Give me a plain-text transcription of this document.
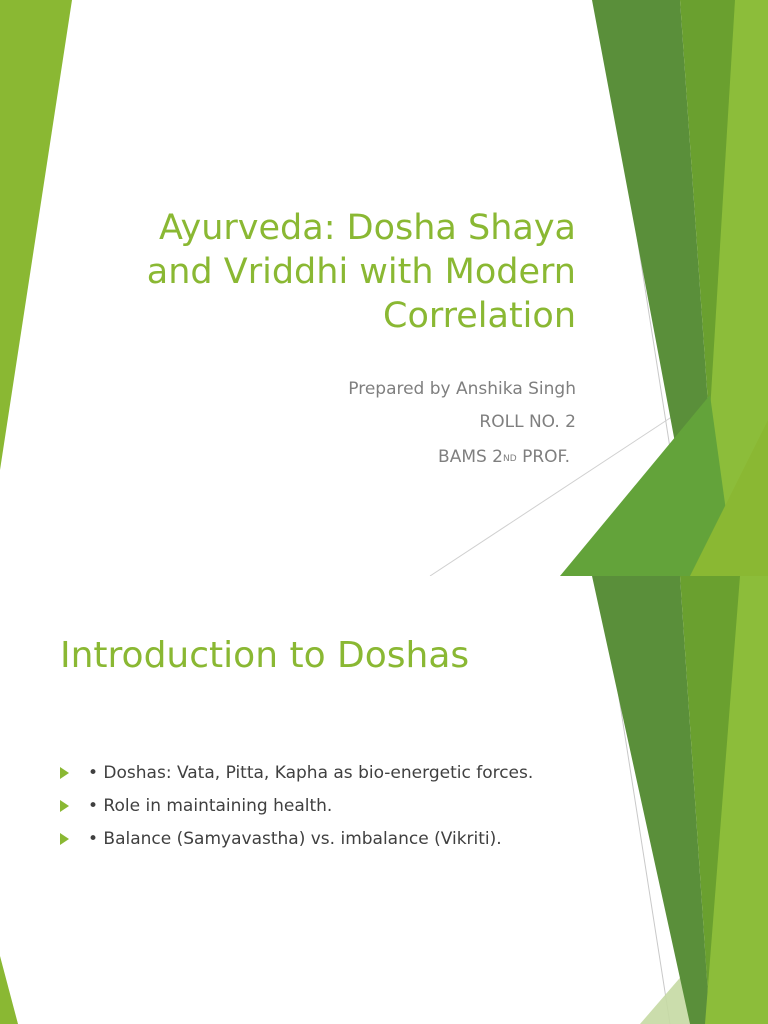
Ayurveda: Dosha Shaya
and Vriddhi with Modern
Correlation
Prepared by Anshika Singh
ROLL NO. 2
BAMS 2ND PROF.
Introduction to Doshas
• Doshas: Vata, Pitta, Kapha as bio-energetic forces.
• Role in maintaining health.
• Balance (Samyavastha) vs. imbalance (Vikriti).
